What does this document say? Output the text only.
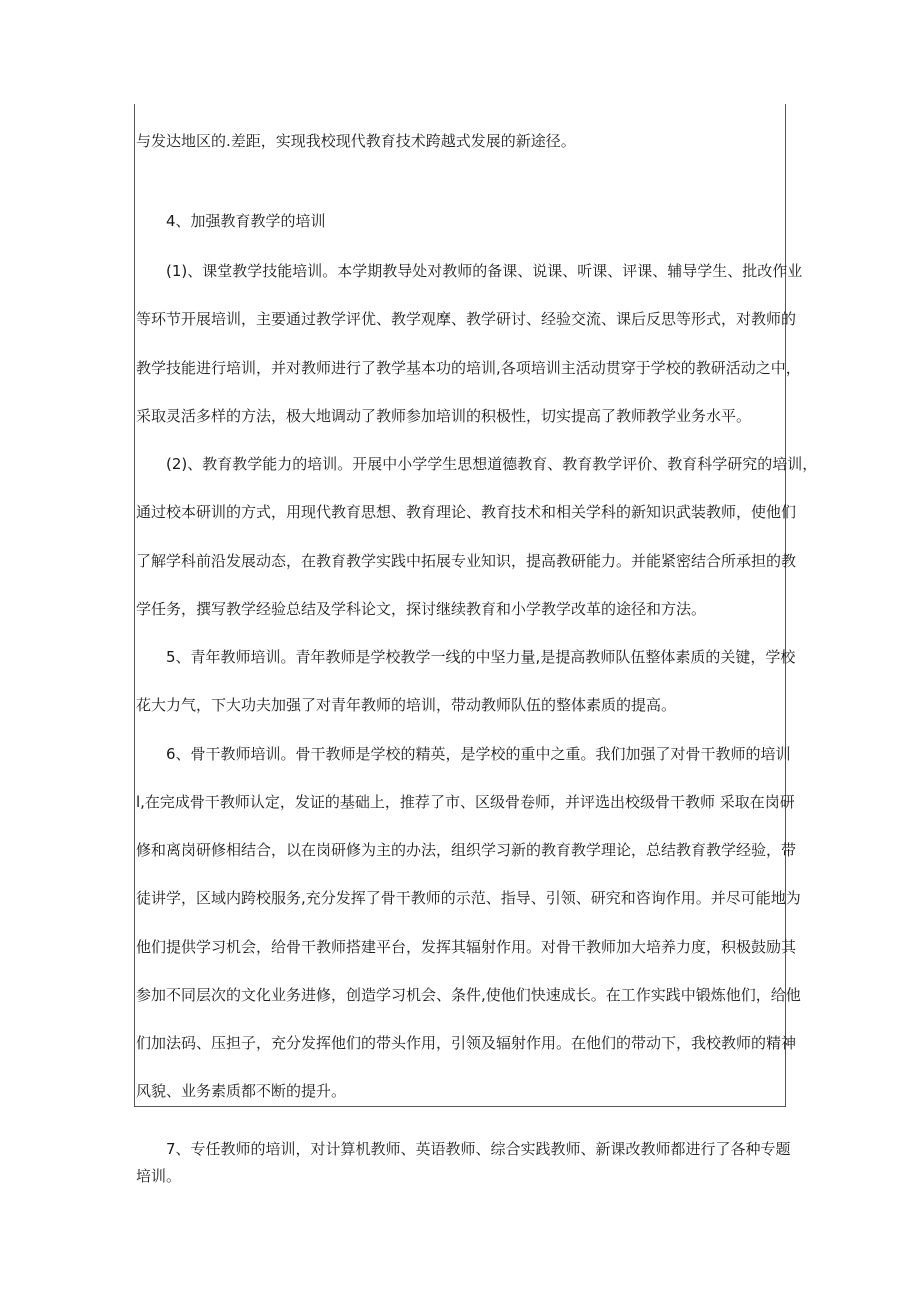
与发达地区的.差距，实现我校现代教育技术跨越式发展的新途径。
4、加强教育教学的培训
(1)、课堂教学技能培训。本学期教导处对教师的备课、说课、听课、评课、辅导学生、批改作业
等环节开展培训，主要通过教学评优、教学观摩、教学研讨、经验交流、课后反思等形式，对教师的
教学技能进行培训，并对教师进行了教学基本功的培训,各项培训主活动贯穿于学校的教研活动之中，
采取灵活多样的方法，极大地调动了教师参加培训的积极性，切实提高了教师教学业务水平。
(2)、教育教学能力的培训。开展中小学学生思想道德教育、教育教学评价、教育科学研究的培训，
通过校本研训的方式，用现代教育思想、教育理论、教育技术和相关学科的新知识武装教师，使他们
了解学科前沿发展动态，在教育教学实践中拓展专业知识，提高教研能力。并能紧密结合所承担的教
学任务，撰写教学经验总结及学科论文，探讨继续教育和小学教学改革的途径和方法。
5、青年教师培训。青年教师是学校教学一线的中坚力量,是提高教师队伍整体素质的关键，学校
花大力气，下大功夫加强了对青年教师的培训，带动教师队伍的整体素质的提高。
6、骨干教师培训。骨干教师是学校的精英，是学校的重中之重。我们加强了对骨干教师的培训
l,在完成骨干教师认定，发证的基础上，推荐了市、区级骨卷师，并评选出校级骨干教师 采取在岗研
修和离岗研修相结合，以在岗研修为主的办法，组织学习新的教育教学理论，总结教育教学经验，带
徒讲学，区域内跨校服务,充分发挥了骨干教师的示范、指导、引领、研究和咨询作用。并尽可能地为
他们提供学习机会，给骨干教师搭建平台，发挥其辐射作用。对骨干教师加大培养力度，积极鼓励其
参加不同层次的文化业务进修，创造学习机会、条件,使他们快速成长。在工作实践中锻炼他们，给他
们加法码、压担子，充分发挥他们的带头作用，引领及辐射作用。在他们的带动下，我校教师的精神
风貌、业务素质都不断的提升。
7、专任教师的培训，对计算机教师、英语教师、综合实践教师、新课改教师都进行了各种专题
培训。
